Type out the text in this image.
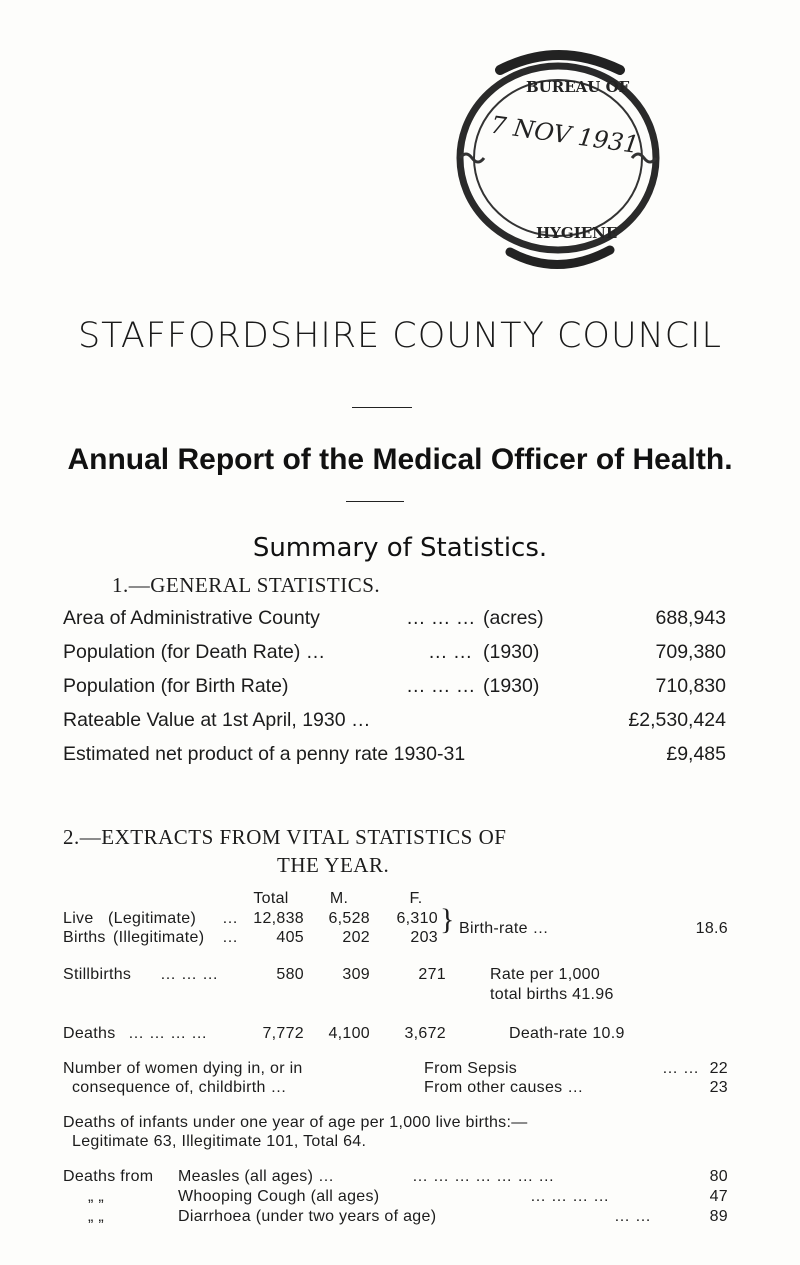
BUREAU OF
7 NOV 1931
HYGIENE
STAFFORDSHIRE COUNTY COUNCIL
Annual Report of the Medical Officer of Health.
Summary of Statistics.
1.—GENERAL STATISTICS.
Area of Administrative County	… … … (acres)	688,943
Population (for Death Rate) …	… … (1930)	709,380
Population (for Birth Rate)	… … … (1930)	710,830
Rateable Value at 1st April, 1930 …	£2,530,424
Estimated net product of a penny rate 1930-31	£9,485
2.—EXTRACTS FROM VITAL STATISTICS OF
THE YEAR.
Total	M.	F.
Live (Legitimate) … 12,838	6,528	6,310
Births (Illegitimate) …	405	202	203
} Birth-rate …	18.6
Stillbirths … … …	580	309	271	Rate per 1,000
total births 41.96
Deaths … … … …	7,772	4,100	3,672	Death-rate 10.9
Number of women dying in, or in
consequence of, childbirth …
From Sepsis	… … 22
From other causes …	23
Deaths of infants under one year of age per 1,000 live births:—
Legitimate 63, Illegitimate 101, Total 64.
Deaths from Measles (all ages) …	… … … … … … …	80
„ „	Whooping Cough (all ages)	… … … …	47
„ „	Diarrhoea (under two years of age)	… …	89
